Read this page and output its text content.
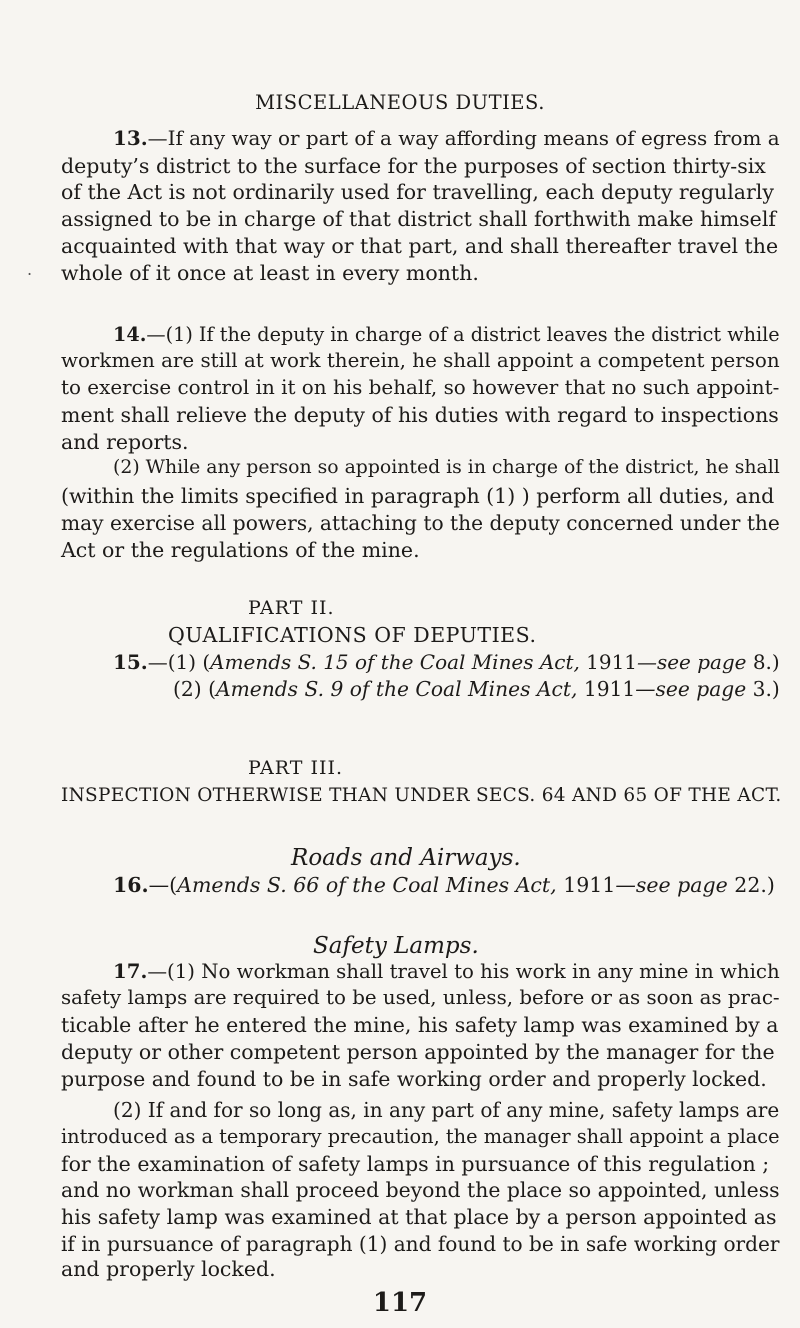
MISCELLANEOUS DUTIES.
13.—If any way or part of a way affording means of egress from a
deputy’s district to the surface for the purposes of section thirty-six
of the Act is not ordinarily used for travelling, each deputy regularly
assigned to be in charge of that district shall forthwith make himself
acquainted with that way or that part, and shall thereafter travel the
. whole of it once at least in every month.
14.—(1) If the deputy in charge of a district leaves the district while
workmen are still at work therein, he shall appoint a competent person
to exercise control in it on his behalf, so however that no such appoint-
ment shall relieve the deputy of his duties with regard to inspections
and reports.
(2) While any person so appointed is in charge of the district, he shall
(within the limits specified in paragraph (1) ) perform all duties, and
may exercise all powers, attaching to the deputy concerned under the
Act or the regulations of the mine.
PART II.
QUALIFICATIONS OF DEPUTIES.
15.—(1) (Amends S. 15 of the Coal Mines Act, 1911—see page 8.)
(2) (Amends S. 9 of the Coal Mines Act, 1911—see page 3.)
PART III.
INSPECTION OTHERWISE THAN UNDER SECS. 64 AND 65 OF THE ACT.
Roads and Airways.
16.—(Amends S. 66 of the Coal Mines Act, 1911—see page 22.)
Safety Lamps.
17.—(1) No workman shall travel to his work in any mine in which
safety lamps are required to be used, unless, before or as soon as prac-
ticable after he entered the mine, his safety lamp was examined by a
deputy or other competent person appointed by the manager for the
purpose and found to be in safe working order and properly locked.
(2) If and for so long as, in any part of any mine, safety lamps are
introduced as a temporary precaution, the manager shall appoint a place
for the examination of safety lamps in pursuance of this regulation ;
and no workman shall proceed beyond the place so appointed, unless
his safety lamp was examined at that place by a person appointed as
if in pursuance of paragraph (1) and found to be in safe working order
and properly locked.
117
